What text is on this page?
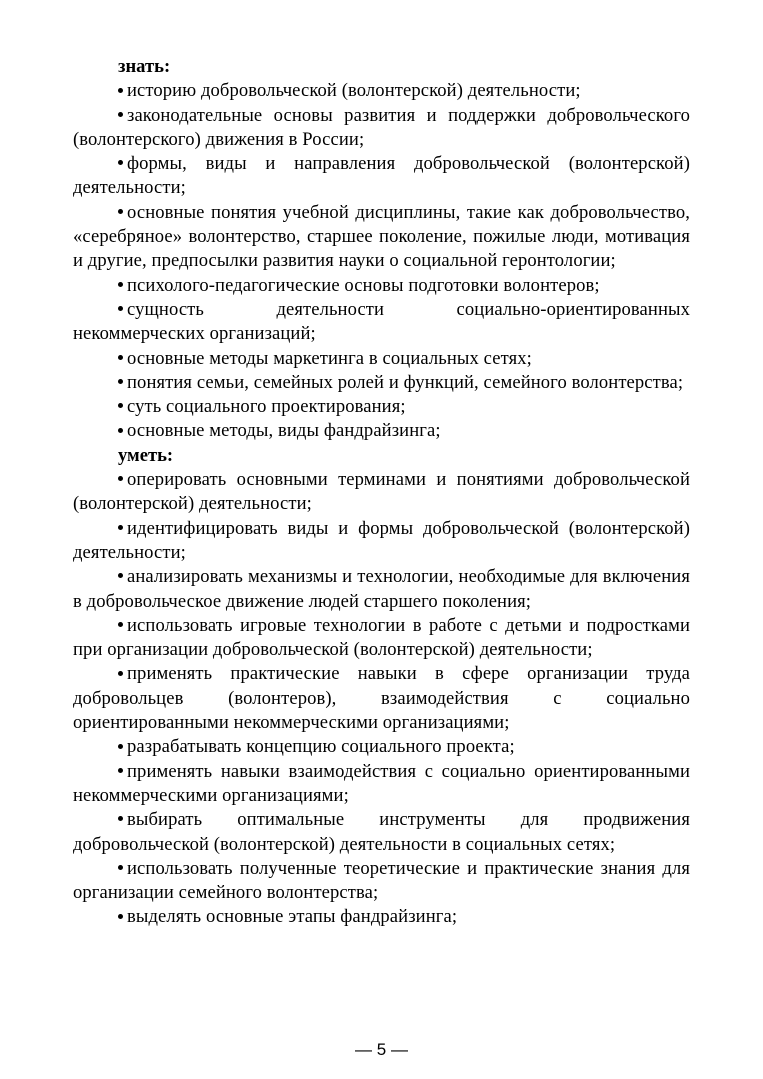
знать:

историю добровольческой (волонтерской) деятельности;

законодательные основы развития и поддержки добровольческого (волонтерского) движения в России;

формы, виды и направления добровольческой (волонтерской) деятельности;

основные понятия учебной дисциплины, такие как добровольчество, «серебряное» волонтерство, старшее поколение, пожилые люди, мотивация и другие, предпосылки развития науки о социальной геронтологии;

психолого-педагогические основы подготовки волонтеров;

сущность деятельности социально-ориентированных некоммерческих организаций;

основные методы маркетинга в социальных сетях;

понятия семьи, семейных ролей и функций, семейного волонтерства;

суть социального проектирования;

основные методы, виды фандрайзинга;

уметь:

оперировать основными терминами и понятиями добровольческой (волонтерской) деятельности;

идентифицировать виды и формы добровольческой (волонтерской) деятельности;

анализировать механизмы и технологии, необходимые для включения в добровольческое движение людей старшего поколения;

использовать игровые технологии в работе с детьми и подростками при организации добровольческой (волонтерской) деятельности;

применять практические навыки в сфере организации труда добровольцев (волонтеров), взаимодействия с социально ориентированными некоммерческими организациями;

разрабатывать концепцию социального проекта;

применять навыки взаимодействия с социально ориентированными некоммерческими организациями;

выбирать оптимальные инструменты для продвижения добровольческой (волонтерской) деятельности в социальных сетях;

использовать полученные теоретические и практические знания для организации семейного волонтерства;

выделять основные этапы фандрайзинга;

— 5 —
